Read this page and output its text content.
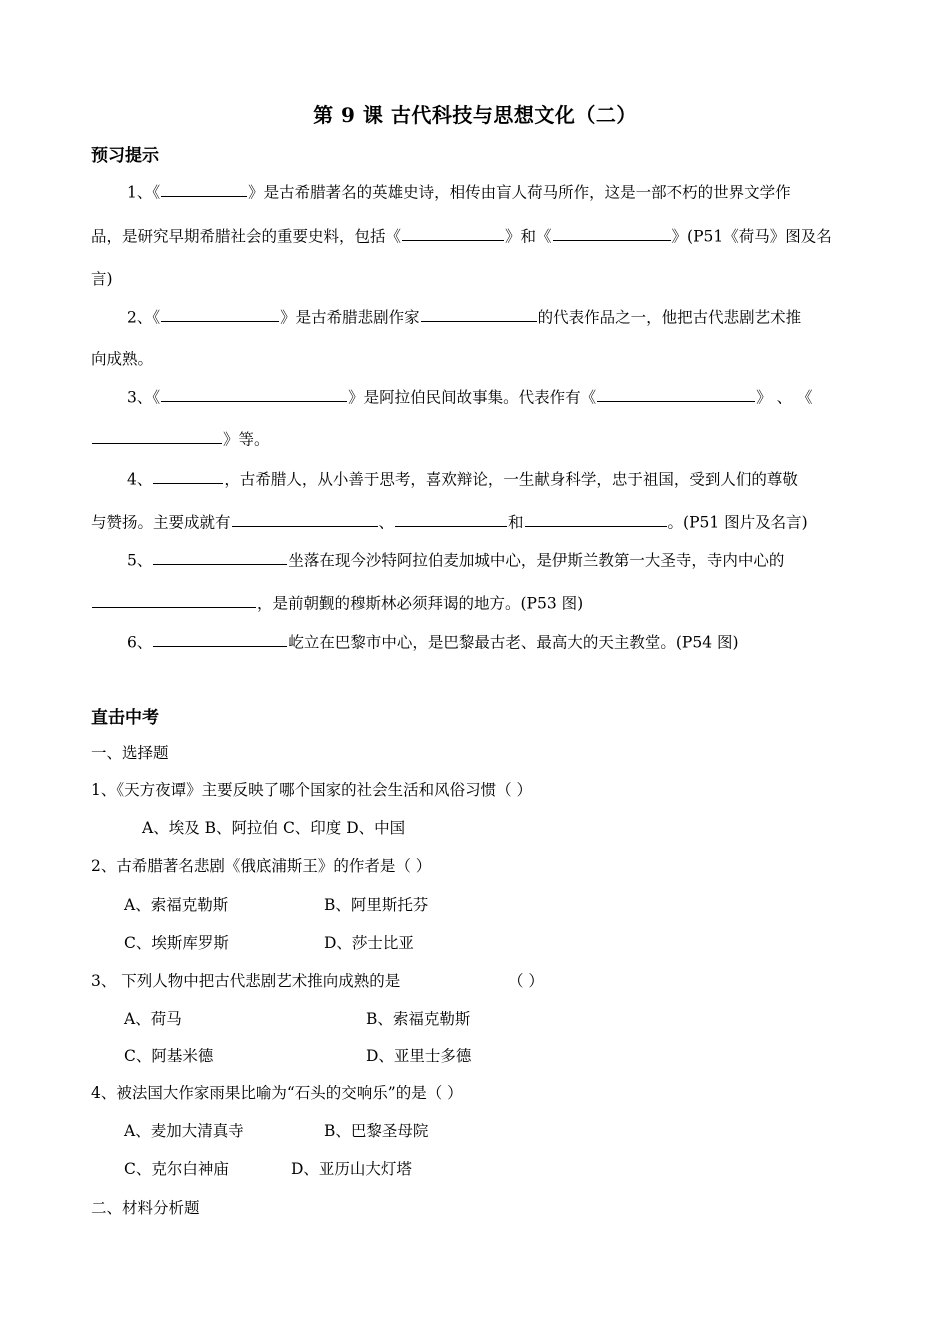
第 9 课 古代科技与思想文化（二）
预习提示
1、《	》是古希腊著名的英雄史诗，相传由盲人荷马所作，这是一部不朽的世界文学作
品，是研究早期希腊社会的重要史料，包括《	》和《	》(P51《荷马》图及名
言)
2、《	》是古希腊悲剧作家	的代表作品之一，他把古代悲剧艺术推
向成熟。
3、《	》是阿拉伯民间故事集。代表作有《	》 、 《
》等。
4、	，古希腊人，从小善于思考，喜欢辩论，一生献身科学，忠于祖国，受到人们的尊敬
与赞扬。主要成就有	、	和	。(P51 图片及名言)
5、	坐落在现今沙特阿拉伯麦加城中心，是伊斯兰教第一大圣寺，寺内中心的
，是前朝觐的穆斯林必须拜谒的地方。(P53 图)
6、	屹立在巴黎市中心，是巴黎最古老、最高大的天主教堂。(P54 图)
直击中考
一、选择题
1、《天方夜谭》主要反映了哪个国家的社会生活和风俗习惯（ ）
A、埃及 B、阿拉伯 C、印度 D、中国
2、古希腊著名悲剧《俄底浦斯王》的作者是（ ）
A、索福克勒斯	B、阿里斯托芬
C、埃斯库罗斯	D、莎士比亚
3、 下列人物中把古代悲剧艺术推向成熟的是	（ ）
A、荷马	B、索福克勒斯
C、阿基米德	D、亚里士多德
4、被法国大作家雨果比喻为“石头的交响乐”的是（ ）
A、麦加大清真寺	B、巴黎圣母院
C、克尔白神庙	D、亚历山大灯塔
二、材料分析题
